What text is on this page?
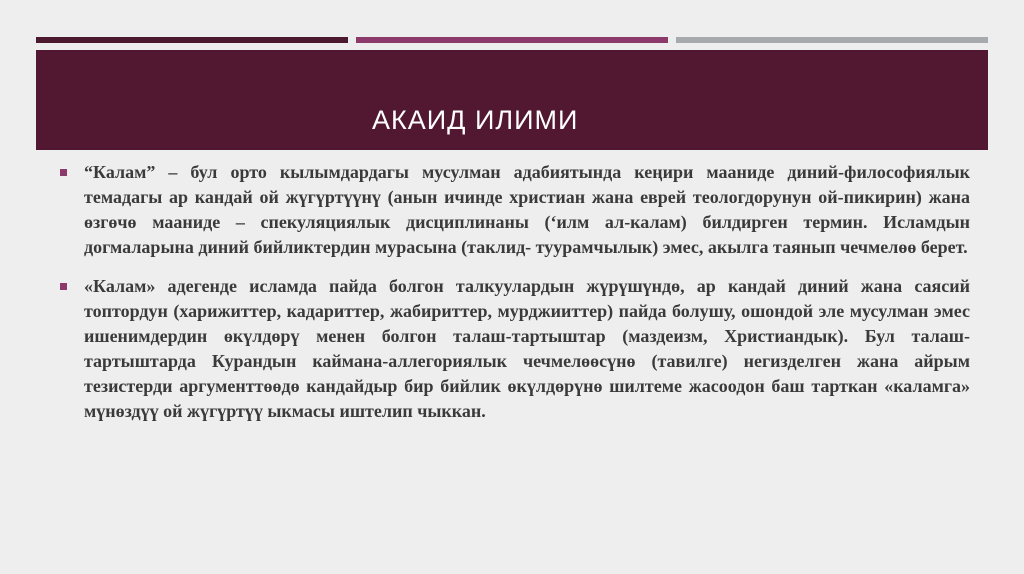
АКАИД ИЛИМИ

“Калам” – бул орто кылымдардагы мусулман адабиятында кеңири мааниде диний-философиялык темадагы ар кандай ой жүгүртүүнү (анын ичинде христиан жана еврей теологдорунун ой-пикирин) жана өзгөчө мааниде – спекуляциялык дисциплинаны (‘илм ал-калам) билдирген термин. Исламдын догмаларына диний бийликтердин мурасына (таклид- туурамчылык) эмес, акылга таянып чечмелөө берет.

«Калам» адегенде исламда пайда болгон талкуулардын жүрүшүндө, ар кандай диний жана саясий топтордун (харижиттер, кадариттер, жабириттер, мурджииттер) пайда болушу, ошондой эле мусулман эмес ишенимдердин өкүлдөрү менен болгон талаш-тартыштар (маздеизм, Христиандык). Бул талаш-тартыштарда Курандын каймана-аллегориялык чечмелөөсүнө (тавилге) негизделген жана айрым тезистерди аргументтөөдө кандайдыр бир бийлик өкүлдөрүнө шилтеме жасоодон баш тарткан «каламга» мүнөздүү ой жүгүртүү ыкмасы иштелип чыккан.
